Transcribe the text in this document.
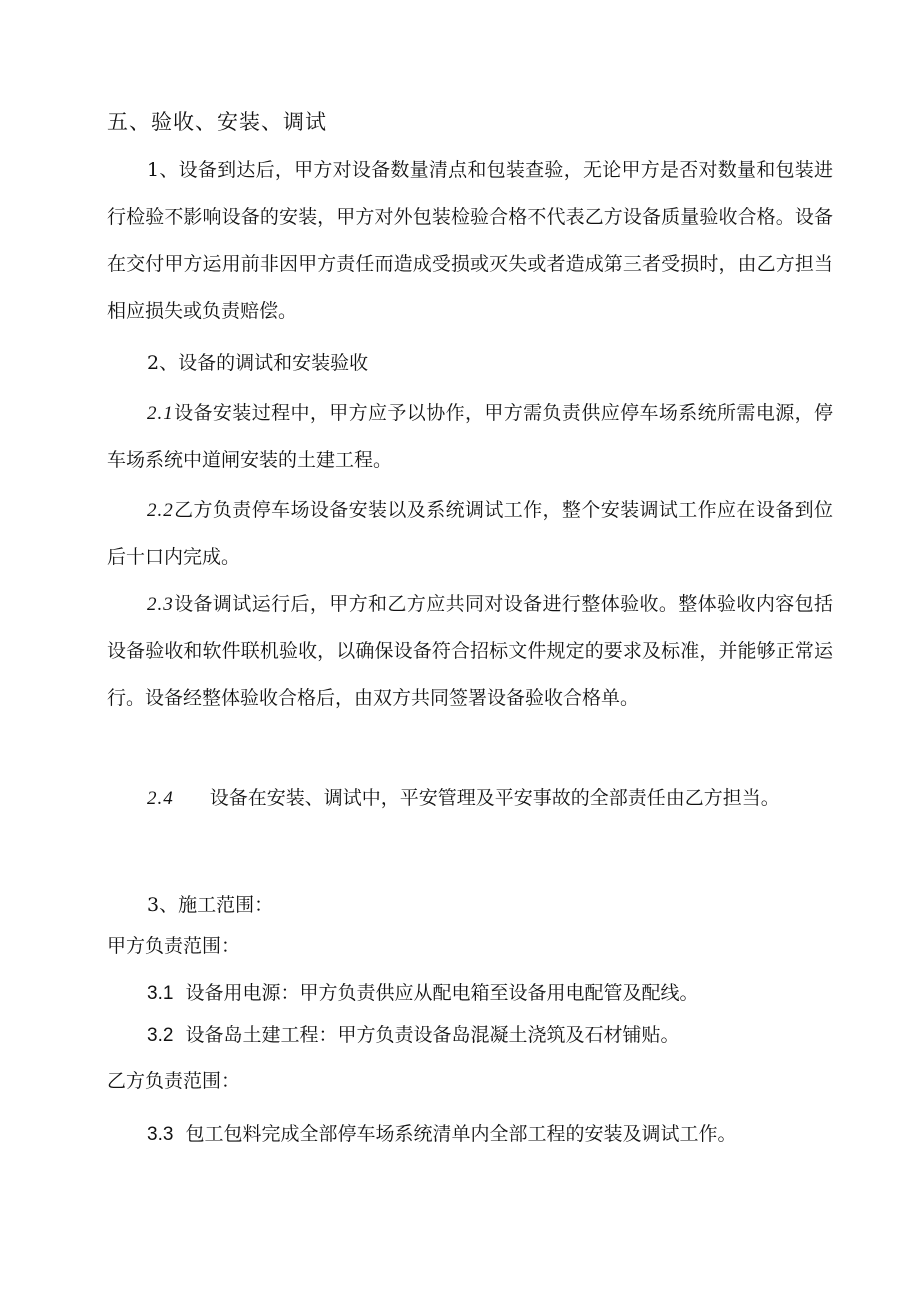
五、验收、安装、调试

1、设备到达后，甲方对设备数量清点和包装查验，无论甲方是否对数量和包装进行检验不影响设备的安装，甲方对外包装检验合格不代表乙方设备质量验收合格。设备在交付甲方运用前非因甲方责任而造成受损或灭失或者造成第三者受损时，由乙方担当相应损失或负责赔偿。

2、设备的调试和安装验收

2.1设备安装过程中，甲方应予以协作，甲方需负责供应停车场系统所需电源，停车场系统中道闸安装的土建工程。

2.2乙方负责停车场设备安装以及系统调试工作，整个安装调试工作应在设备到位后十口内完成。

2.3设备调试运行后，甲方和乙方应共同对设备进行整体验收。整体验收内容包括设备验收和软件联机验收，以确保设备符合招标文件规定的要求及标准，并能够正常运行。设备经整体验收合格后，由双方共同签署设备验收合格单。

2.4 设备在安装、调试中，平安管理及平安事故的全部责任由乙方担当。

3、施工范围：

甲方负责范围：

3.1 设备用电源：甲方负责供应从配电箱至设备用电配管及配线。

3.2 设备岛土建工程：甲方负责设备岛混凝土浇筑及石材铺贴。

乙方负责范围：

3.3 包工包料完成全部停车场系统清单内全部工程的安装及调试工作。
